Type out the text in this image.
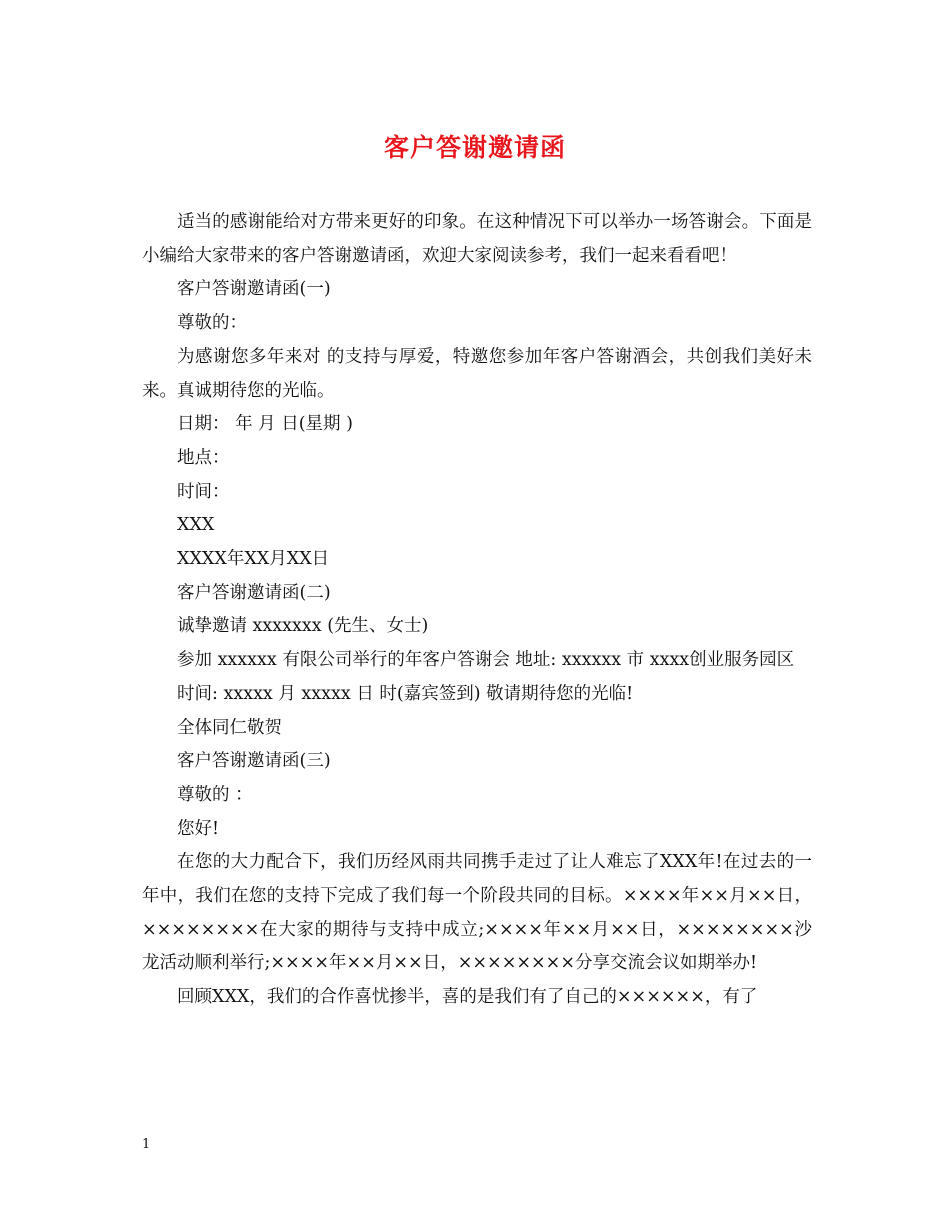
客户答谢邀请函

适当的感谢能给对方带来更好的印象。在这种情况下可以举办一场答谢会。下面是小编给大家带来的客户答谢邀请函，欢迎大家阅读参考，我们一起来看看吧！

客户答谢邀请函(一)

尊敬的：

为感谢您多年来对 的支持与厚爱，特邀您参加年客户答谢酒会，共创我们美好未来。真诚期待您的光临。

日期： 年 月 日(星期 )

地点：

时间：

XXX

XXXX年XX月XX日

客户答谢邀请函(二)

诚挚邀请 xxxxxxx (先生、女士)

参加 xxxxxx 有限公司举行的年客户答谢会 地址: xxxxxx 市 xxxx创业服务园区

时间: xxxxx 月 xxxxx 日 时(嘉宾签到) 敬请期待您的光临!

全体同仁敬贺

客户答谢邀请函(三)

尊敬的 ：

您好!

在您的大力配合下，我们历经风雨共同携手走过了让人难忘了XXX年!在过去的一年中，我们在您的支持下完成了我们每一个阶段共同的目标。××××年××月××日，××××××××在大家的期待与支持中成立;××××年××月××日，××××××××沙龙活动顺利举行;××××年××月××日，××××××××分享交流会议如期举办!

回顾XXX，我们的合作喜忧掺半，喜的是我们有了自己的××××××，有了

1
